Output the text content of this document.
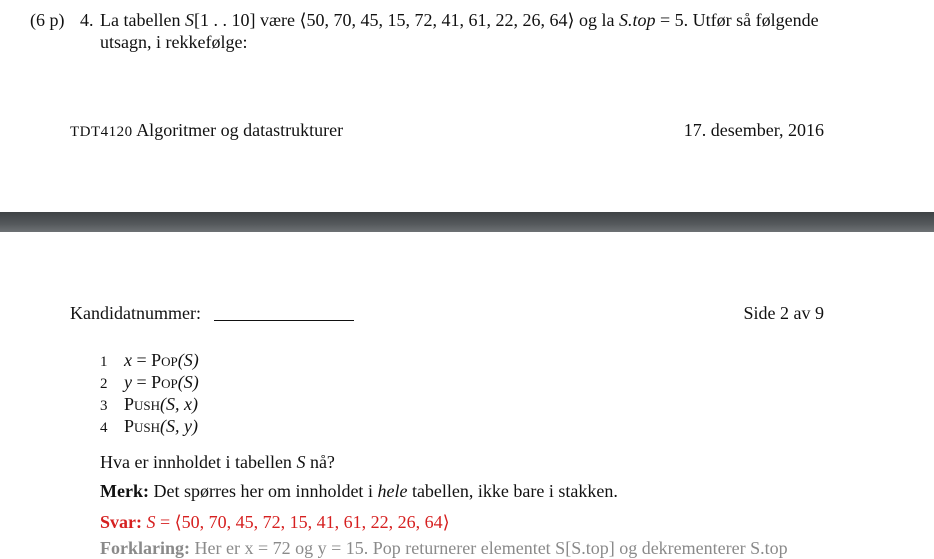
(6 p) 4. La tabellen S[1 . . 10] være ⟨50, 70, 45, 15, 72, 41, 61, 22, 26, 64⟩ og la S.top = 5. Utfør så følgende
utsagn, i rekkefølge:
TDT4120 Algoritmer og datastrukturer	17. desember, 2016
Kandidatnummer:	Side 2 av 9
1 x = Pop(S)
2 y = Pop(S)
3 Push(S, x)
4 Push(S, y)
Hva er innholdet i tabellen S nå?
Merk: Det spørres her om innholdet i hele tabellen, ikke bare i stakken.
Svar: S = ⟨50, 70, 45, 72, 15, 41, 61, 22, 26, 64⟩
Forklaring: Her er x = 72 og y = 15. Pop returnerer elementet S[S.top] og dekrementerer S.top
